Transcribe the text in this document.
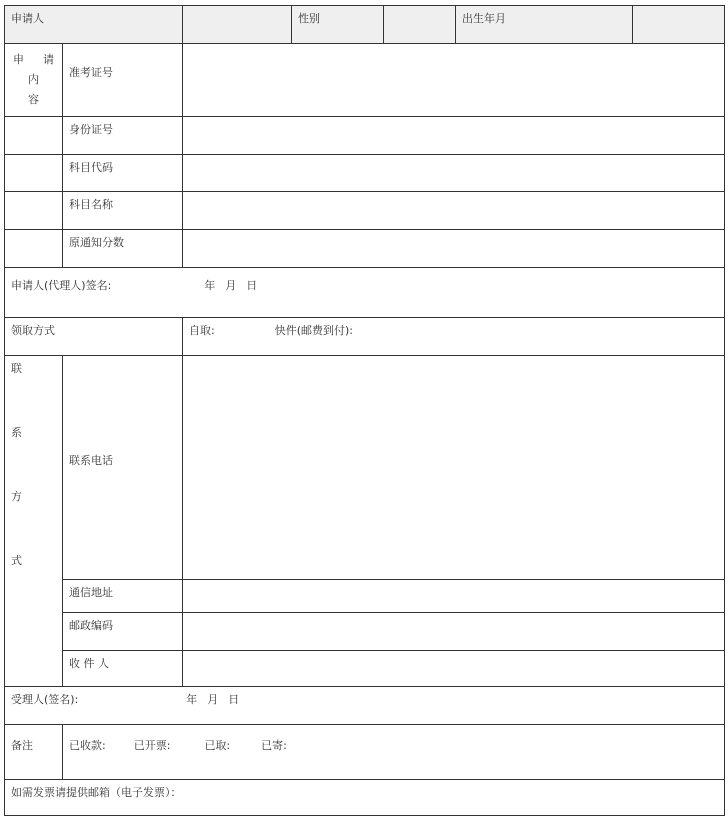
申请人			性别		出生年月	

申 请
内
容	准考证号					
	身份证号					
	科目代码					
	科目名称					
	原通知分数					
申请人(代理人)签名: 年 月 日						
领取方式		自取: 快件(邮费到付):				

联
系
方
式	联系电话					
	通信地址					
	邮政编码					
	收 件 人					
受理人(签名): 年 月 日						
备注	已收款: 已开票: 已取: 已寄:					
如需发票请提供邮箱（电子发票）：						
